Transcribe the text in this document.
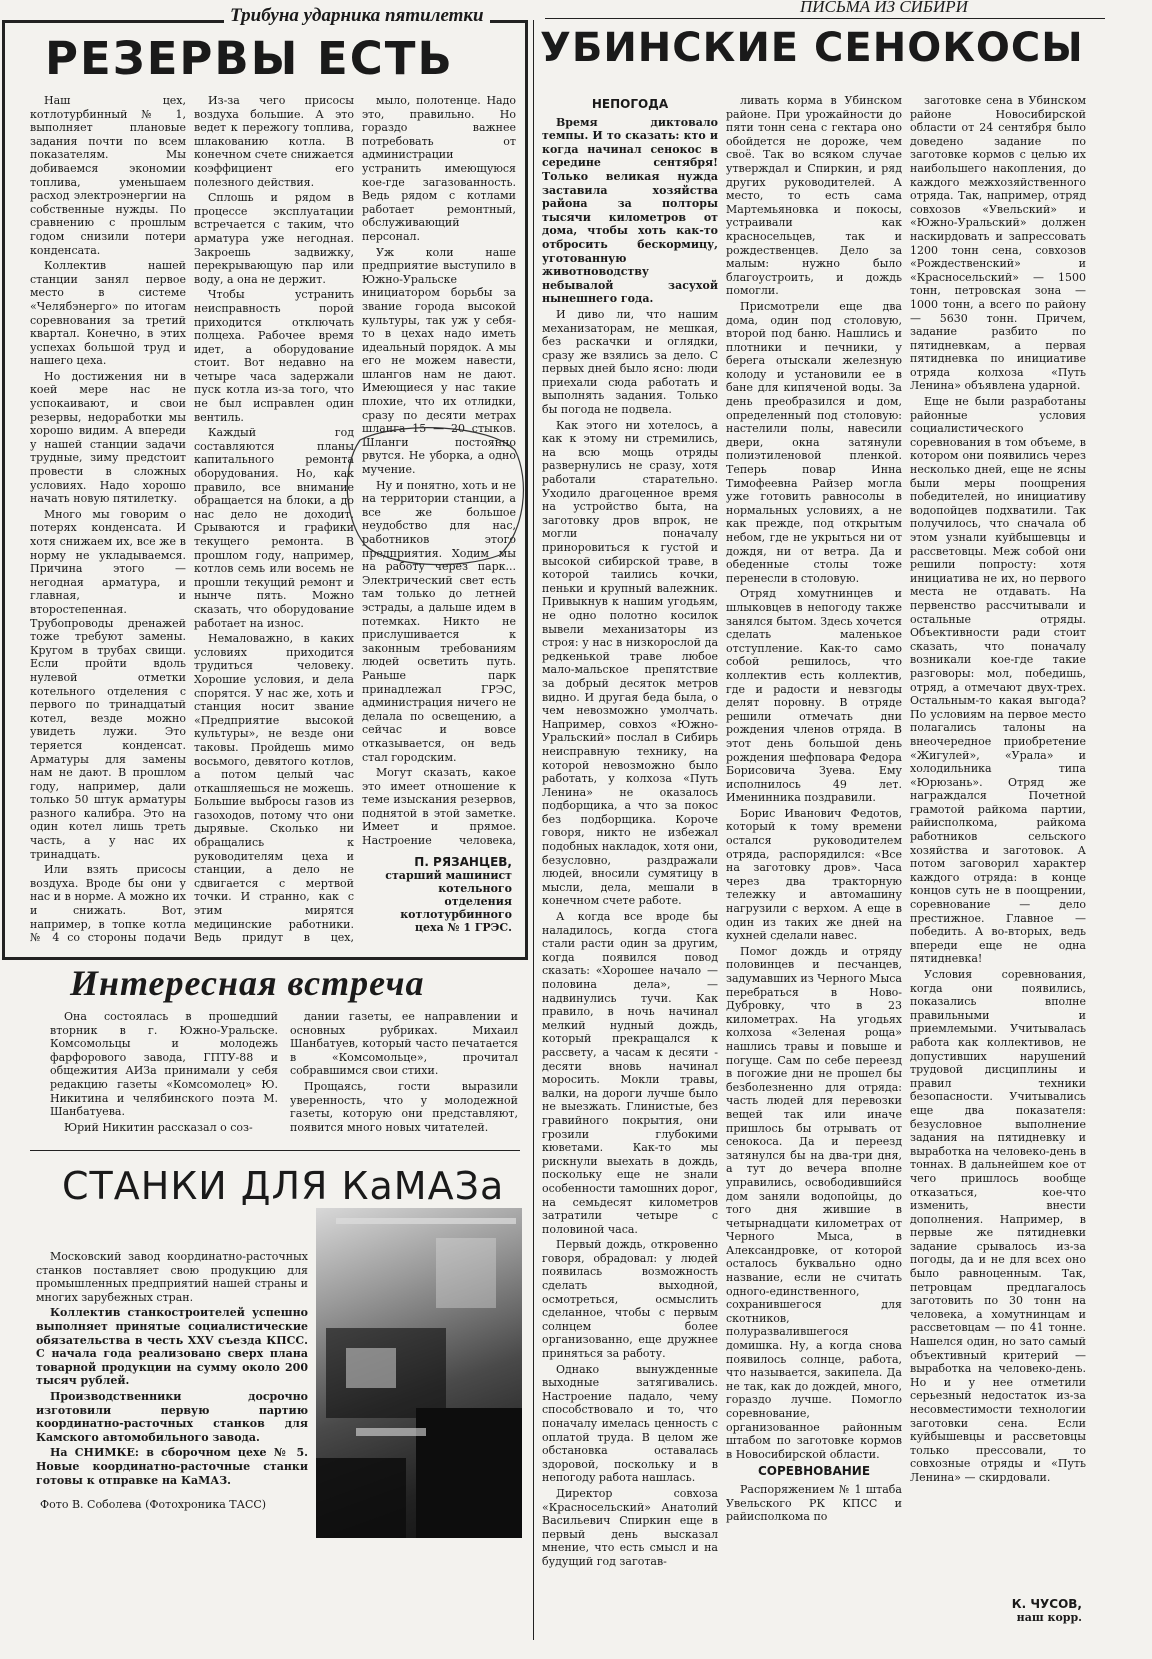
Трибуна ударника пятилетки
РЕЗЕРВЫ ЕСТЬ

Наш цех, котлотурбинный № 1, выполняет плановые задания почти по всем показателям. Мы добиваемся экономии топлива, уменьшаем расход электроэнергии на собственные нужды. По сравнению с прошлым годом снизили потери конденсата.

Коллектив нашей станции занял первое место в системе «Челябэнерго» по итогам соревнования за третий квартал. Конечно, в этих успехах большой труд и нашего цеха.

Но достижения ни в коей мере нас не успокаивают, и свои резервы, недоработки мы хорошо видим. А впереди у нашей станции задачи трудные, зиму предстоит провести в сложных условиях. Надо хорошо начать новую пятилетку.

Много мы говорим о потерях конденсата. И хотя снижаем их, все же в норму не укладываемся. Причина этого — негодная арматура, и главная, и второстепенная. Трубопроводы дренажей тоже требуют замены. Кругом в трубах свищи. Если пройти вдоль нулевой отметки котельного отделения с первого по тринадцатый котел, везде можно увидеть лужи. Это теряется конденсат. Арматуры для замены нам не дают. В прошлом году, например, дали только 50 штук арматуры разного калибра. Это на один котел лишь треть часть, а у нас их тринадцать.

Или взять присосы воздуха. Вроде бы они у нас и в норме. А можно их и снижать. Вот, например, в топке котла № 4 со стороны подачи

Из-за чего присосы воздуха большие. А это ведет к пережогу топлива, шлакованию котла. В конечном счете снижается коэффициент его полезного действия.

Сплошь и рядом в процессе эксплуатации встречается с таким, что арматура уже негодная. Закроешь задвижку, перекрывающую пар или воду, а она не держит.

Чтобы устранить неисправность порой приходится отключать полцеха. Рабочее время идет, а оборудование стоит. Вот недавно на четыре часа задержали пуск котла из-за того, что не был исправлен один вентиль.

Каждый год составляются планы капитального ремонта оборудования. Но, как правило, все внимание обращается на блоки, а до нас дело не доходит. Срываются и графики текущего ремонта. В прошлом году, например, котлов семь или восемь не прошли текущий ремонт и нынче пять. Можно сказать, что оборудование работает на износ.

Немаловажно, в каких условиях приходится трудиться человеку. Хорошие условия, и дела спорятся. У нас же, хоть и станция носит звание «Предприятие высокой культуры», не везде они таковы. Пройдешь мимо восьмого, девятого котлов, а потом целый час откашляешься не можешь. Большие выбросы газов из газоходов, потому что они дырявые. Сколько ни обращались к руководителям цеха и станции, а дело не сдвигается с мертвой точки. И странно, как с этим мирятся медицинские работники. Ведь придут в цех,

мыло, полотенце. Надо это, правильно. Но гораздо важнее потребовать от администрации устранить имеющуюся кое-где загазованность. Ведь рядом с котлами работает ремонтный, обслуживающий персонал.

Уж коли наше предприятие выступило в Южно-Уральске инициатором борьбы за звание города высокой культуры, так уж у себя-то в цехах надо иметь идеальный порядок. А мы его не можем навести, шлангов нам не дают. Имеющиеся у нас такие плохие, что их отлидки, сразу по десяти метрах шланга 15 — 20 стыков. Шланги постоянно рвутся. Не уборка, а одно мучение.

Ну и понятно, хоть и не на территории станции, а все же большое неудобство для нас, работников этого предприятия. Ходим мы на работу через парк... Электрический свет есть там только до летней эстрады, а дальше идем в потемках. Никто не прислушивается к законным требованиям людей осветить путь. Раньше парк принадлежал ГРЭС, администрация ничего не делала по освещению, а сейчас и вовсе отказывается, он ведь стал городским.

Могут сказать, какое это имеет отношение к теме изыскания резервов, поднятой в этой заметке. Имеет и прямое. Настроение человека,

П. РЯЗАНЦЕВ,
старший машинист котельного отделения котлотурбинного цеха № 1 ГРЭС.
Интересная встреча

Она состоялась в прошедший вторник в г. Южно-Уральске. Комсомольцы и молодежь фарфорового завода, ГПТУ-88 и общежития АИЗа принимали у себя редакцию газеты «Комсомолец» Ю. Никитина и челябинского поэта М. Шанбатуева.

Юрий Никитин рассказал о соз-

дании газеты, ее направлении и основных рубриках. Михаил Шанбатуев, который часто печатается в «Комсомольце», прочитал собравшимся свои стихи.

Прощаясь, гости выразили уверенность, что у молодежной газеты, которую они представляют, появится много новых читателей.

СТАНКИ ДЛЯ КаМАЗа

Московский завод координатно-расточных станков поставляет свою продукцию для промышленных предприятий нашей страны и многих зарубежных стран.

Коллектив станкостроителей успешно выполняет принятые социалистические обязательства в честь XXV съезда КПСС. С начала года реализовано сверх плана товарной продукции на сумму около 200 тысяч рублей.

Производственники досрочно изготовили первую партию координатно-расточных станков для Камского автомобильного завода.

На СНИМКЕ: в сборочном цехе № 5. Новые координатно-расточные станки готовы к отправке на КаМАЗ.

Фото В. Соболева (Фотохроника ТАСС)
ПИСЬМА ИЗ СИБИРИ
УБИНСКИЕ СЕНОКОСЫ
НЕПОГОДА

Время диктовало темпы. И то сказать: кто и когда начинал сенокос в середине сентября! Только великая нужда заставила хозяйства района за полторы тысячи километров от дома, чтобы хоть как-то отбросить бескормицу, уготованную животноводству небывалой засухой нынешнего года.

И диво ли, что нашим механизаторам, не мешкая, без раскачки и оглядки, сразу же взялись за дело. С первых дней было ясно: люди приехали сюда работать и выполнять задания. Только бы погода не подвела.

Как этого ни хотелось, а как к этому ни стремились, на всю мощь отряды развернулись не сразу, хотя работали старательно. Уходило драгоценное время на устройство быта, на заготовку дров впрок, не могли поначалу приноровиться к густой и высокой сибирской траве, в которой таились кочки, пеньки и крупный валежник. Привыкнув к нашим угодьям, не одно полотно косилок вывели механизаторы из строя: у нас в низкорослой да редкенькой траве любое мало-мальское препятствие за добрый десяток метров видно. И другая беда была, о чем невозможно умолчать. Например, совхоз «Южно-Уральский» послал в Сибирь неисправную технику, на которой невозможно было работать, у колхоза «Путь Ленина» не оказалось подборщика, а что за покос без подборщика. Короче говоря, никто не избежал подобных накладок, хотя они, безусловно, раздражали людей, вносили сумятицу в мысли, дела, мешали в конечном счете работе.

А когда все вроде бы наладилось, когда стога стали расти один за другим, когда появился повод сказать: «Хорошее начало — половина дела», — надвинулись тучи. Как правило, в ночь начинал мелкий нудный дождь, который прекращался к рассвету, а часам к десяти - десяти вновь начинал моросить. Мокли травы, валки, на дороги лучше было не выезжать. Глинистые, без гравийного покрытия, они грозили глубокими кюветами. Как-то мы рискнули выехать в дождь, поскольку еще не знали особенности тамошних дорог, на семьдесят километров затратили четыре с половиной часа.

Первый дождь, откровенно говоря, обрадовал: у людей появилась возможность сделать выходной, осмотреться, осмыслить сделанное, чтобы с первым солнцем более организованно, еще дружнее приняться за работу.

Однако вынужденные выходные затягивались. Настроение падало, чему способствовало и то, что поначалу имелась ценность с оплатой труда. В целом же обстановка оставалась здоровой, поскольку и в непогоду работа нашлась.

Директор совхоза «Красносельский» Анатолий Васильевич Спиркин еще в первый день высказал мнение, что есть смысл и на будущий год заготав-

ливать корма в Убинском районе. При урожайности до пяти тонн сена с гектара оно обойдется не дороже, чем своё. Так во всяком случае утверждал и Спиркин, и ряд других руководителей. А место, то есть сама Мартемьяновка и покосы, устраивали как красносельцев, так и рождественцев. Дело за малым: нужно было благоустроить, и дождь помогли.

Присмотрели еще два дома, один под столовую, второй под баню. Нашлись и плотники и печники, у берега отыскали железную колоду и установили ее в бане для кипяченой воды. За день преобразился и дом, определенный под столовую: настелили полы, навесили двери, окна затянули полиэтиленовой пленкой. Теперь повар Инна Тимофеевна Райзер могла уже готовить равносолы в нормальных условиях, а не как прежде, под открытым небом, где не укрыться ни от дождя, ни от ветра. Да и обеденные столы тоже перенесли в столовую.

Отряд хомутнинцев и шлыковцев в непогоду также занялся бытом. Здесь хочется сделать маленькое отступление. Как-то само собой решилось, что коллектив есть коллектив, где и радости и невзгоды делят поровну. В отряде решили отмечать дни рождения членов отряда. В этот день большой день рождения шефповара Федора Борисовича Зуева. Ему исполнилось 49 лет. Именинника поздравили.

Борис Иванович Федотов, который к тому времени остался руководителем отряда, распорядился: «Все на заготовку дров». Часа через два тракторную тележку и автомашину нагрузили с верхом. А еще в один из таких же дней на кухней сделали навес.

Помог дождь и отряду половинцев и песчанцев, задумавших из Черного Мыса перебраться в Ново-Дубровку, что в 23 километрах. На угодьях колхоза «Зеленая роща» нашлись травы и повыше и погуще. Сам по себе переезд в погожие дни не прошел бы безболезненно для отряда: часть людей для перевозки вещей так или иначе пришлось бы отрывать от сенокоса. Да и переезд затянулся бы на два-три дня, а тут до вечера вполне управились, освободившийся дом заняли водопойцы, до того дня жившие в четырнадцати километрах от Черного Мыса, в Александровке, от которой осталось буквально одно название, если не считать одного-единственного, сохранившегося для скотников, полуразвалившегося домишка. Ну, а когда снова появилось солнце, работа, что называется, закипела. Да не так, как до дождей, много, гораздо лучше. Помогло соревнование, организованное районным штабом по заготовке кормов в Новосибирской области.

СОРЕВНОВАНИЕ

Распоряжением № 1 штаба Увельского РК КПСС и райисполкома по

заготовке сена в Убинском районе Новосибирской области от 24 сентября было доведено задание по заготовке кормов с целью их наибольшего накопления, до каждого межхозяйственного отряда. Так, например, отряд совхозов «Увельский» и «Южно-Уральский» должен наскирдовать и запрессовать 1200 тонн сена, совхозов «Рождественский» и «Красносельский» — 1500 тонн, петровская зона — 1000 тонн, а всего по району — 5630 тонн. Причем, задание разбито по пятидневкам, а первая пятидневка по инициативе отряда колхоза «Путь Ленина» объявлена ударной.

Еще не были разработаны районные условия социалистического соревнования в том объеме, в котором они появились через несколько дней, еще не ясны были меры поощрения победителей, но инициативу водопойцев подхватили. Так получилось, что сначала об этом узнали куйбышевцы и рассветовцы. Меж собой они решили попросту: хотя инициатива не их, но первого места не отдавать. На первенство рассчитывали и остальные отряды. Объективности ради стоит сказать, что поначалу возникали кое-где такие разговоры: мол, победишь, отряд, а отмечают двух-трех. Остальным-то какая выгода? По условиям на первое место полагались талоны на внеочередное приобретение «Жигулей», «Урала» и холодильника типа «Юрюзань». Отряд же награждался Почетной грамотой райкома партии, райисполкома, райкома работников сельского хозяйства и заготовок. А потом заговорил характер каждого отряда: в конце концов суть не в поощрении, соревнование — дело престижное. Главное — победить. А во-вторых, ведь впереди еще не одна пятидневка!

Условия соревнования, когда они появились, показались вполне правильными и приемлемыми. Учитывалась работа как коллективов, не допустивших нарушений трудовой дисциплины и правил техники безопасности. Учитывались еще два показателя: безусловное выполнение задания на пятидневку и выработка на человеко-день в тоннах. В дальнейшем кое от чего пришлось вообще отказаться, кое-что изменить, внести дополнения. Например, в первые же пятидневки задание срывалось из-за погоды, да и не для всех оно было равноценным. Так, петровцам предлагалось заготовить по 30 тонн на человека, а хомутнинцам и рассветовцам — по 41 тонне. Нашелся один, но зато самый объективный критерий — выработка на человеко-день. Но и у нее отметили серьезный недостаток из-за несовместимости технологии заготовки сена. Если куйбышевцы и рассветовцы только прессовали, то совхозные отряды и «Путь Ленина» — скирдовали.

К. ЧУСОВ,
наш корр.
